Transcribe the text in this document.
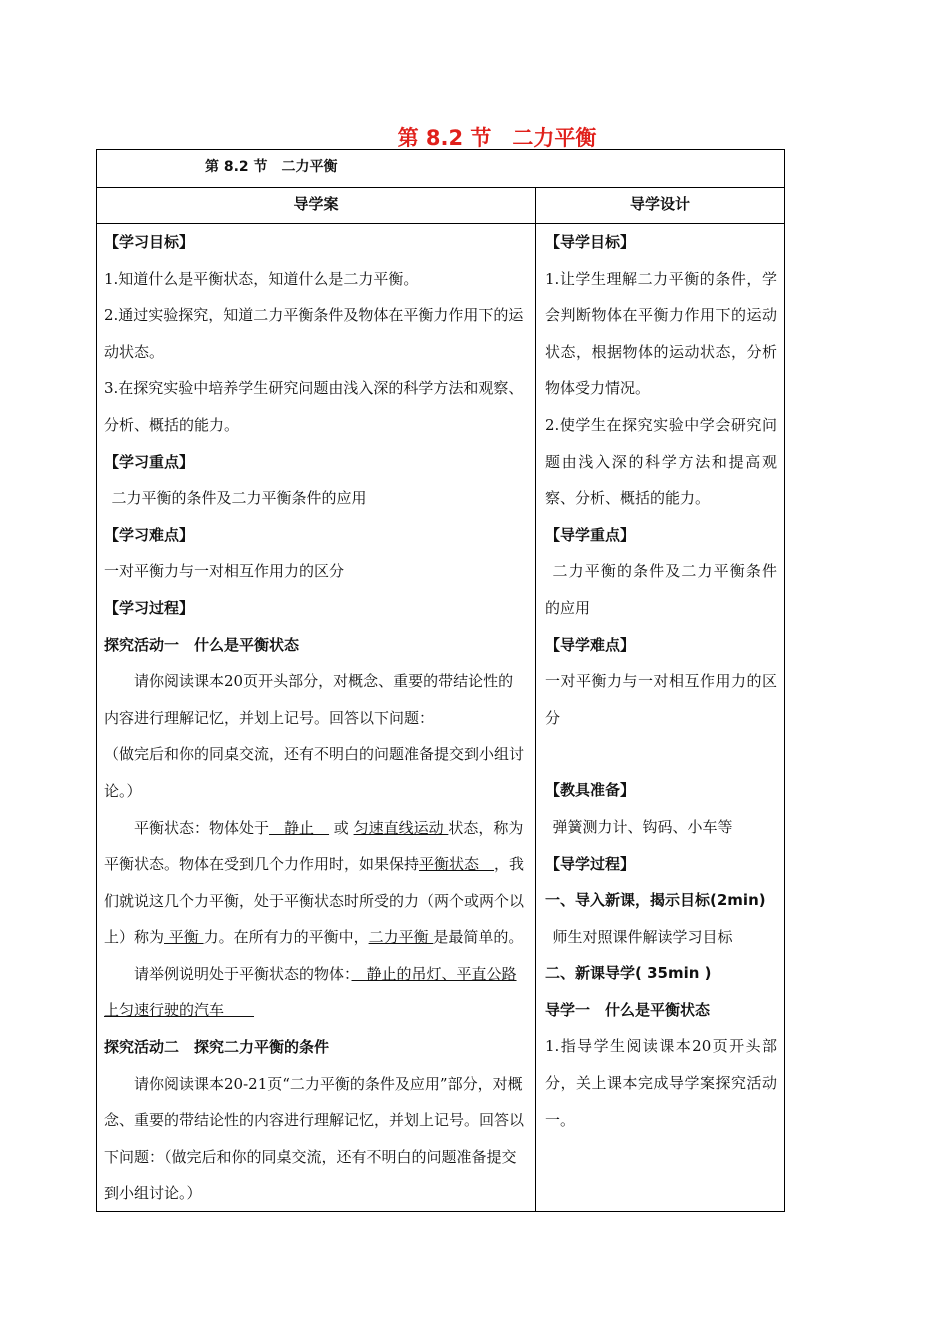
第 8.2 节　二力平衡
第 8.2 节　二力平衡
导学案	导学设计

【学习目标】

1.知道什么是平衡状态，知道什么是二力平衡。

2.通过实验探究，知道二力平衡条件及物体在平衡力作用下的运动状态。

3.在探究实验中培养学生研究问题由浅入深的科学方法和观察、分析、概括的能力。

【学习重点】

二力平衡的条件及二力平衡条件的应用

【学习难点】

一对平衡力与一对相互作用力的区分

【学习过程】

探究活动一　什么是平衡状态

请你阅读课本20页开头部分，对概念、重要的带结论性的内容进行理解记忆，并划上记号。回答以下问题：

（做完后和你的同桌交流，还有不明白的问题准备提交到小组讨论。）

平衡状态：物体处于　静止　 或 匀速直线运动 状态，称为平衡状态。物体在受到几个力作用时，如果保持平衡状态　，我们就说这几个力平衡，处于平衡状态时所受的力（两个或两个以上）称为 平衡 力。在所有力的平衡中，二力平衡 是最简单的。

请举例说明处于平衡状态的物体：　静止的吊灯、平直公路上匀速行驶的汽车　　

探究活动二　探究二力平衡的条件

请你阅读课本20-21页“二力平衡的条件及应用”部分，对概念、重要的带结论性的内容进行理解记忆，并划上记号。回答以下问题：（做完后和你的同桌交流，还有不明白的问题准备提交到小组讨论。）

【导学目标】

1.让学生理解二力平衡的条件，学会判断物体在平衡力作用下的运动状态，根据物体的运动状态，分析物体受力情况。

2.使学生在探究实验中学会研究问题由浅入深的科学方法和提高观察、分析、概括的能力。

【导学重点】

二力平衡的条件及二力平衡条件的应用

【导学难点】

一对平衡力与一对相互作用力的区分

【教具准备】

弹簧测力计、钩码、小车等

【导学过程】

一、导入新课，揭示目标(2min)

师生对照课件解读学习目标

二、新课导学( 35min )

导学一　什么是平衡状态

1.指导学生阅读课本20页开头部分，关上课本完成导学案探究活动一。
